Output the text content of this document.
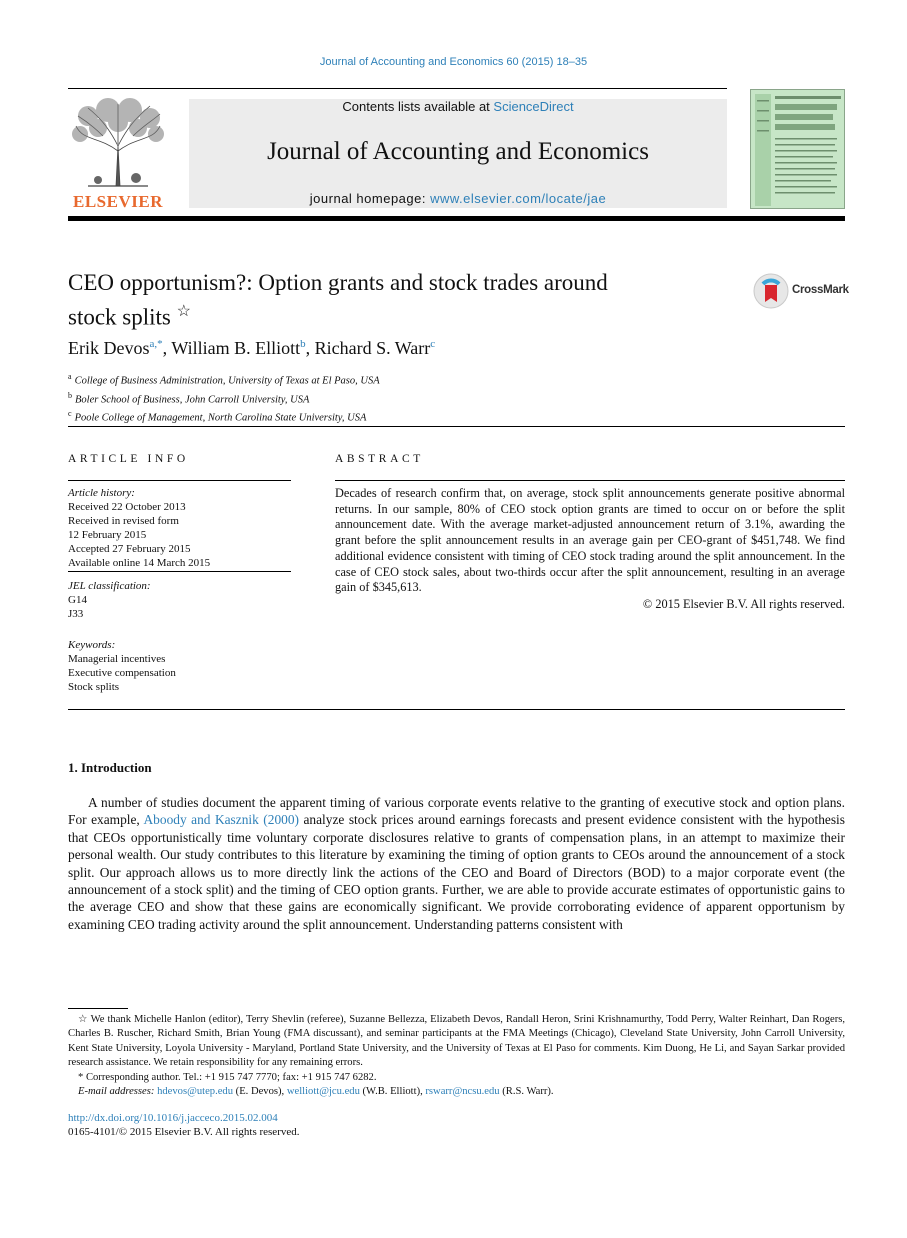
Journal of Accounting and Economics 60 (2015) 18–35
ELSEVIER
Contents lists available at ScienceDirect
Journal of Accounting and Economics
journal homepage: www.elsevier.com/locate/jae
CEO opportunism?: Option grants and stock trades around
stock splits ☆
CrossMark
Erik Devos$^{a,*}$, William B. Elliott$^b$, Richard S. Warr$^c$
$^a$ College of Business Administration, University of Texas at El Paso, USA
$^b$ Boler School of Business, John Carroll University, USA
$^c$ Poole College of Management, North Carolina State University, USA
ARTICLE INFO	ABSTRACT
Article history:
Received 22 October 2013
Received in revised form
12 February 2015
Accepted 27 February 2015
Available online 14 March 2015
JEL classification:
G14
J33
Keywords:
Managerial incentives
Executive compensation
Stock splits
Decades of research confirm that, on average, stock split announcements generate positive abnormal returns. In our sample, 80% of CEO stock option grants are timed to occur on or before the split announcement date. With the average market-adjusted announcement return of 3.1%, awarding the grant before the split announcement results in an average gain per CEO-grant of $451,748. We find additional evidence consistent with timing of CEO stock trading around the split announcement. In the case of CEO stock sales, about two-thirds occur after the split announcement, resulting in an average gain of $345,613.
© 2015 Elsevier B.V. All rights reserved.
1. Introduction
A number of studies document the apparent timing of various corporate events relative to the granting of executive stock and option plans. For example, Aboody and Kasznik (2000) analyze stock prices around earnings forecasts and present evidence consistent with the hypothesis that CEOs opportunistically time voluntary corporate disclosures relative to grants of compensation plans, in an attempt to maximize their personal wealth. Our study contributes to this literature by examining the timing of option grants to CEOs around the announcement of a stock split. Our approach allows us to more directly link the actions of the CEO and Board of Directors (BOD) to a major corporate event (the announcement of a stock split) and the timing of CEO option grants. Further, we are able to provide accurate estimates of opportunistic gains to the average CEO and show that these gains are economically significant. We provide corroborating evidence of apparent opportunism by examining CEO trading activity around the split announcement. Understanding patterns consistent with

☆ We thank Michelle Hanlon (editor), Terry Shevlin (referee), Suzanne Bellezza, Elizabeth Devos, Randall Heron, Srini Krishnamurthy, Todd Perry, Walter Reinhart, Dan Rogers, Charles B. Ruscher, Richard Smith, Brian Young (FMA discussant), and seminar participants at the FMA Meetings (Chicago), Cleveland State University, John Carroll University, Kent State University, Loyola University - Maryland, Portland State University, and the University of Texas at El Paso for comments. Kim Duong, He Li, and Sayan Sarkar provided research assistance. We retain responsibility for any remaining errors.

* Corresponding author. Tel.: +1 915 747 7770; fax: +1 915 747 6282.

E-mail addresses: hdevos@utep.edu (E. Devos), welliott@jcu.edu (W.B. Elliott), rswarr@ncsu.edu (R.S. Warr).

http://dx.doi.org/10.1016/j.jacceco.2015.02.004
0165-4101/© 2015 Elsevier B.V. All rights reserved.
